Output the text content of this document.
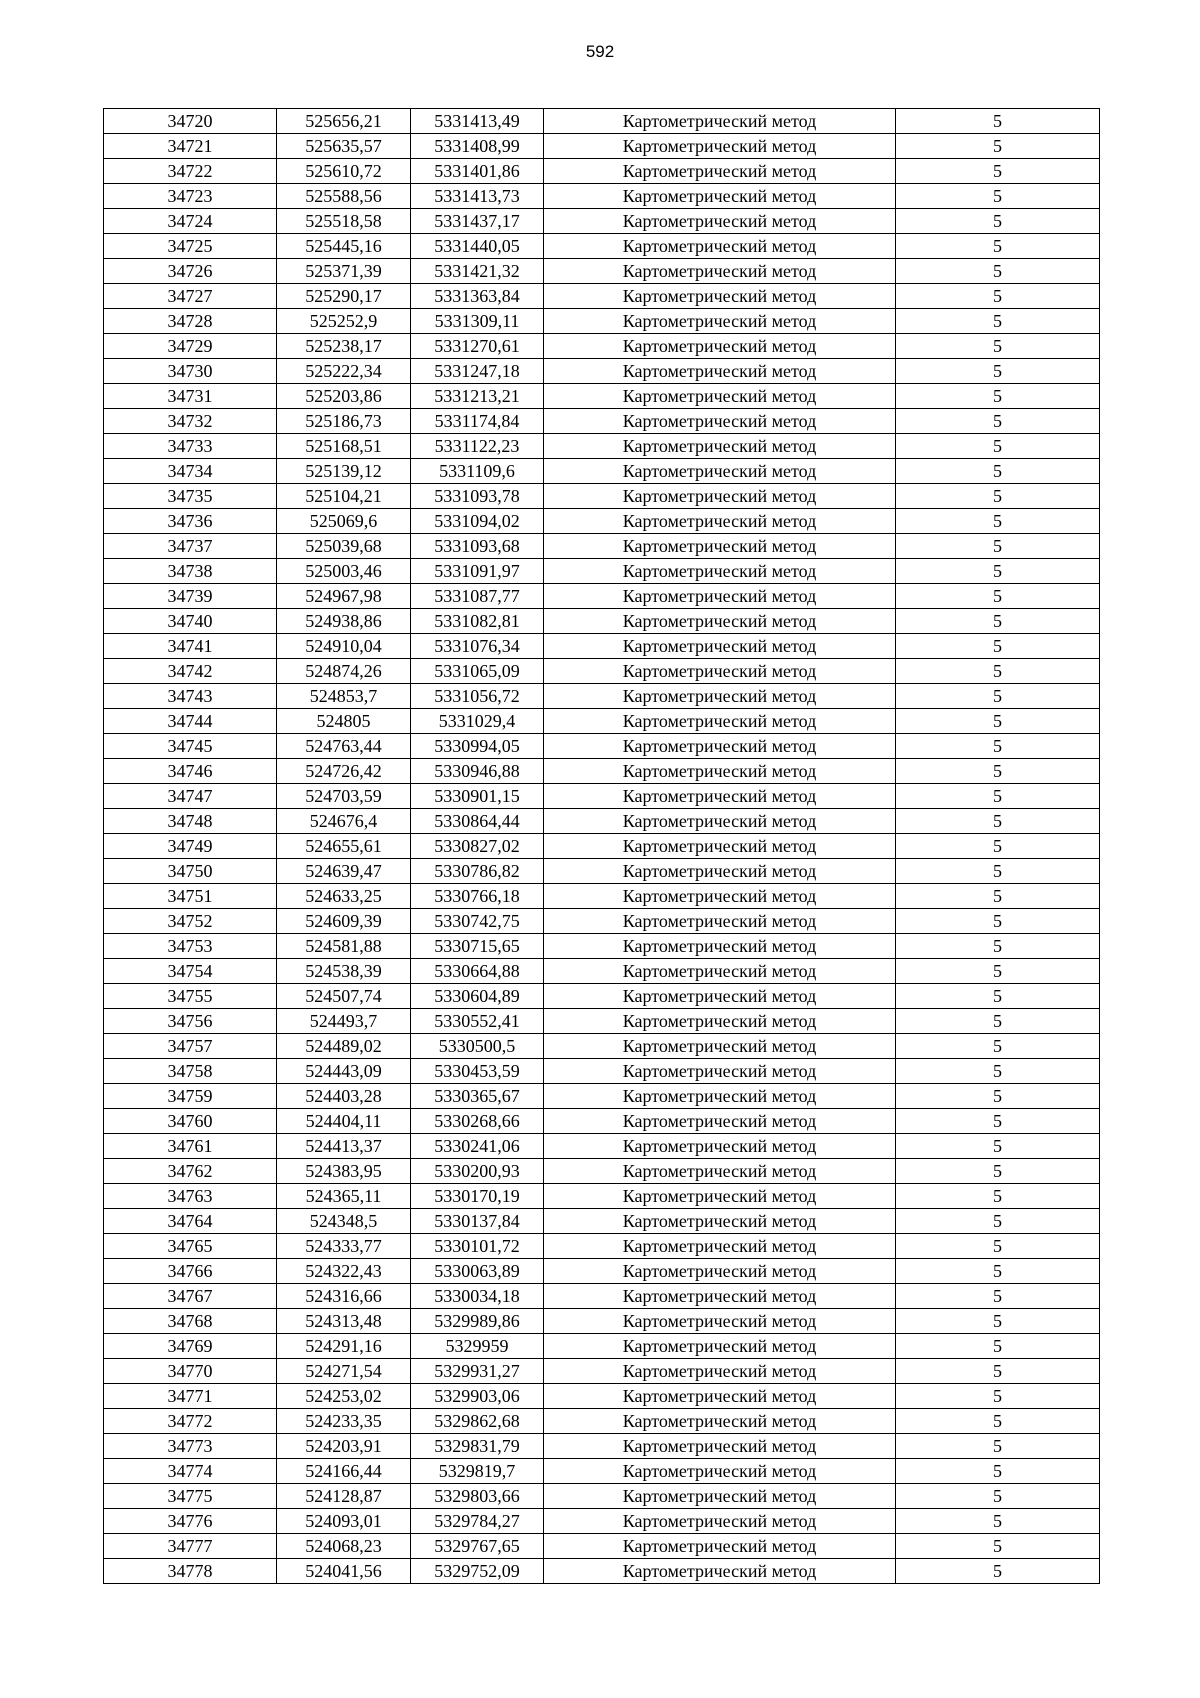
592
34720	525656,21	5331413,49	Картометрический метод	5
34721	525635,57	5331408,99	Картометрический метод	5
34722	525610,72	5331401,86	Картометрический метод	5
34723	525588,56	5331413,73	Картометрический метод	5
34724	525518,58	5331437,17	Картометрический метод	5
34725	525445,16	5331440,05	Картометрический метод	5
34726	525371,39	5331421,32	Картометрический метод	5
34727	525290,17	5331363,84	Картометрический метод	5
34728	525252,9	5331309,11	Картометрический метод	5
34729	525238,17	5331270,61	Картометрический метод	5
34730	525222,34	5331247,18	Картометрический метод	5
34731	525203,86	5331213,21	Картометрический метод	5
34732	525186,73	5331174,84	Картометрический метод	5
34733	525168,51	5331122,23	Картометрический метод	5
34734	525139,12	5331109,6	Картометрический метод	5
34735	525104,21	5331093,78	Картометрический метод	5
34736	525069,6	5331094,02	Картометрический метод	5
34737	525039,68	5331093,68	Картометрический метод	5
34738	525003,46	5331091,97	Картометрический метод	5
34739	524967,98	5331087,77	Картометрический метод	5
34740	524938,86	5331082,81	Картометрический метод	5
34741	524910,04	5331076,34	Картометрический метод	5
34742	524874,26	5331065,09	Картометрический метод	5
34743	524853,7	5331056,72	Картометрический метод	5
34744	524805	5331029,4	Картометрический метод	5
34745	524763,44	5330994,05	Картометрический метод	5
34746	524726,42	5330946,88	Картометрический метод	5
34747	524703,59	5330901,15	Картометрический метод	5
34748	524676,4	5330864,44	Картометрический метод	5
34749	524655,61	5330827,02	Картометрический метод	5
34750	524639,47	5330786,82	Картометрический метод	5
34751	524633,25	5330766,18	Картометрический метод	5
34752	524609,39	5330742,75	Картометрический метод	5
34753	524581,88	5330715,65	Картометрический метод	5
34754	524538,39	5330664,88	Картометрический метод	5
34755	524507,74	5330604,89	Картометрический метод	5
34756	524493,7	5330552,41	Картометрический метод	5
34757	524489,02	5330500,5	Картометрический метод	5
34758	524443,09	5330453,59	Картометрический метод	5
34759	524403,28	5330365,67	Картометрический метод	5
34760	524404,11	5330268,66	Картометрический метод	5
34761	524413,37	5330241,06	Картометрический метод	5
34762	524383,95	5330200,93	Картометрический метод	5
34763	524365,11	5330170,19	Картометрический метод	5
34764	524348,5	5330137,84	Картометрический метод	5
34765	524333,77	5330101,72	Картометрический метод	5
34766	524322,43	5330063,89	Картометрический метод	5
34767	524316,66	5330034,18	Картометрический метод	5
34768	524313,48	5329989,86	Картометрический метод	5
34769	524291,16	5329959	Картометрический метод	5
34770	524271,54	5329931,27	Картометрический метод	5
34771	524253,02	5329903,06	Картометрический метод	5
34772	524233,35	5329862,68	Картометрический метод	5
34773	524203,91	5329831,79	Картометрический метод	5
34774	524166,44	5329819,7	Картометрический метод	5
34775	524128,87	5329803,66	Картометрический метод	5
34776	524093,01	5329784,27	Картометрический метод	5
34777	524068,23	5329767,65	Картометрический метод	5
34778	524041,56	5329752,09	Картометрический метод	5
